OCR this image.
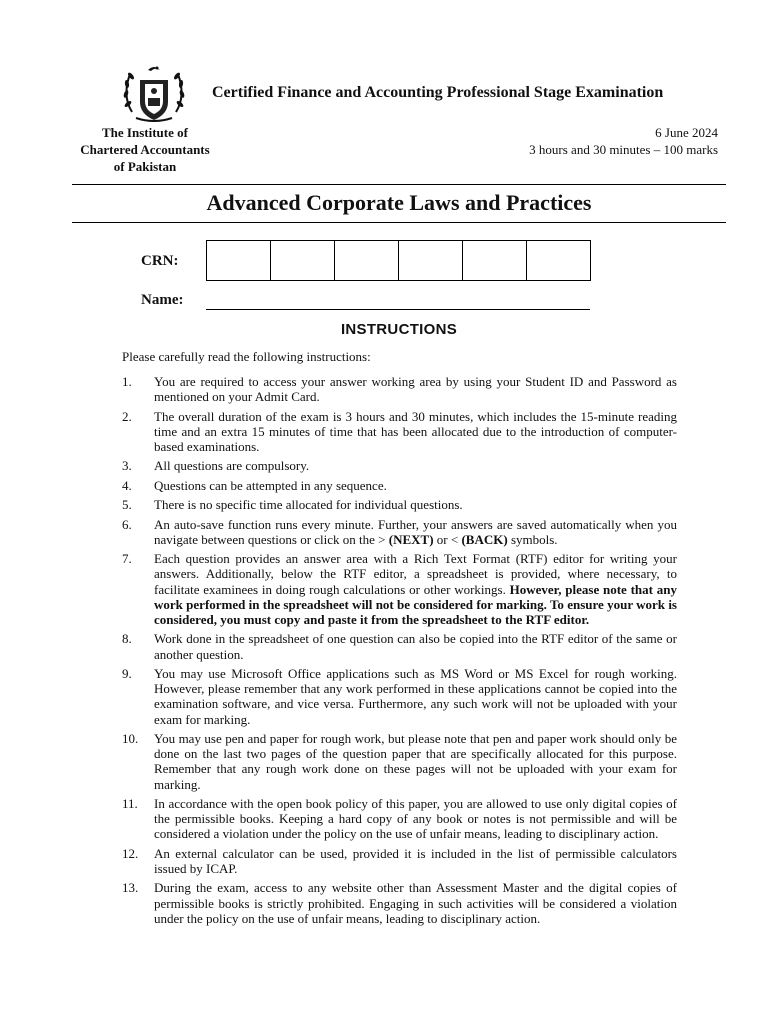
Certified Finance and Accounting Professional Stage Examination
The Institute of
Chartered Accountants
of Pakistan
6 June 2024
3 hours and 30 minutes – 100 marks
Advanced Corporate Laws and Practices
CRN:
Name:
INSTRUCTIONS
Please carefully read the following instructions:
1. You are required to access your answer working area by using your Student ID and Password as mentioned on your Admit Card.
2. The overall duration of the exam is 3 hours and 30 minutes, which includes the 15-minute reading time and an extra 15 minutes of time that has been allocated due to the introduction of computer-based examinations.
3. All questions are compulsory.
4. Questions can be attempted in any sequence.
5. There is no specific time allocated for individual questions.
6. An auto-save function runs every minute. Further, your answers are saved automatically when you navigate between questions or click on the > (NEXT) or < (BACK) symbols.
7. Each question provides an answer area with a Rich Text Format (RTF) editor for writing your answers. Additionally, below the RTF editor, a spreadsheet is provided, where necessary, to facilitate examinees in doing rough calculations or other workings. However, please note that any work performed in the spreadsheet will not be considered for marking. To ensure your work is considered, you must copy and paste it from the spreadsheet to the RTF editor.
8. Work done in the spreadsheet of one question can also be copied into the RTF editor of the same or another question.
9. You may use Microsoft Office applications such as MS Word or MS Excel for rough working. However, please remember that any work performed in these applications cannot be copied into the examination software, and vice versa. Furthermore, any such work will not be uploaded with your exam for marking.
10. You may use pen and paper for rough work, but please note that pen and paper work should only be done on the last two pages of the question paper that are specifically allocated for this purpose. Remember that any rough work done on these pages will not be uploaded with your exam for marking.
11. In accordance with the open book policy of this paper, you are allowed to use only digital copies of the permissible books. Keeping a hard copy of any book or notes is not permissible and will be considered a violation under the policy on the use of unfair means, leading to disciplinary action.
12. An external calculator can be used, provided it is included in the list of permissible calculators issued by ICAP.
13. During the exam, access to any website other than Assessment Master and the digital copies of permissible books is strictly prohibited. Engaging in such activities will be considered a violation under the policy on the use of unfair means, leading to disciplinary action.
